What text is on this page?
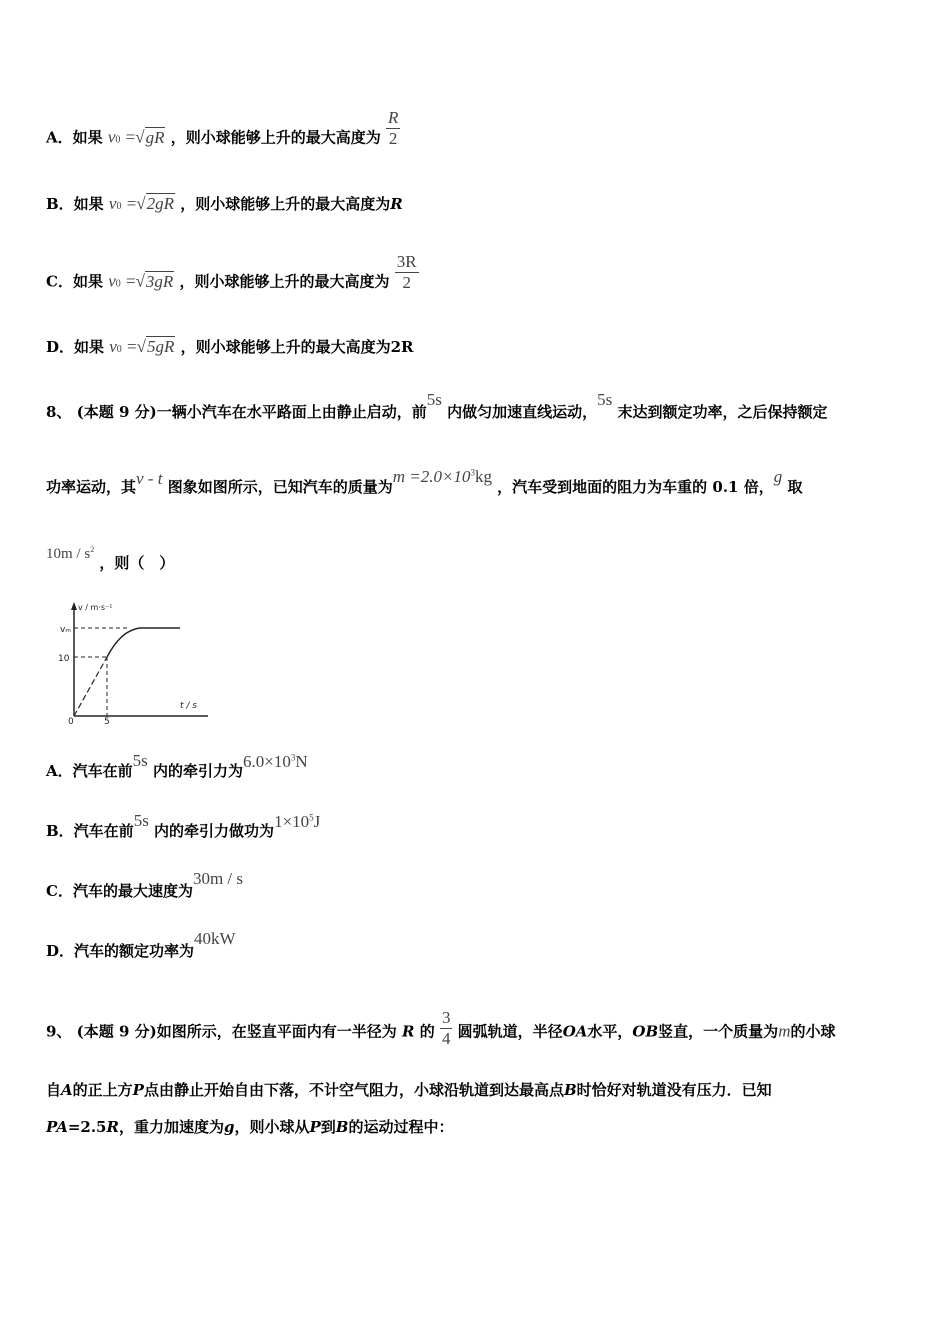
A．如果 v0 =√gR ，则小球能够上升的最大高度为 $\frac{R}{2}$
B．如果 v0 =√2gR ，则小球能够上升的最大高度为R
C．如果 v0 =√3gR ，则小球能够上升的最大高度为 $\frac{3R}{2}$
D．如果 v0 =√5gR ，则小球能够上升的最大高度为2R
8、 (本题 9 分)一辆小汽车在水平路面上由静止启动，前5s 内做匀加速直线运动，5s 末达到额定功率，之后保持额定
功率运动，其v - t 图象如图所示，已知汽车的质量为$m =2.0\times 10^3kg$ ，汽车受到地面的阻力为车重的 0.1 倍，g 取
$10m / s^2$ ，则（　）
v / m·s⁻¹
vₘ
10
0	5
t / s
A．汽车在前5s 内的牵引力为$6.0\times 10^3N$
B．汽车在前5s 内的牵引力做功为$1\times 10^5J$
C．汽车的最大速度为30m / s
D．汽车的额定功率为40kW
9、 (本题 9 分)如图所示，在竖直平面内有一半径为 R 的 $\frac{3}{4}$ 圆弧轨道，半径OA水平，OB竖直，一个质量为m的小球
自A的正上方P点由静止开始自由下落，不计空气阻力，小球沿轨道到达最高点B时恰好对轨道没有压力．已知
PA=2.5R，重力加速度为g，则小球从P到B的运动过程中：
